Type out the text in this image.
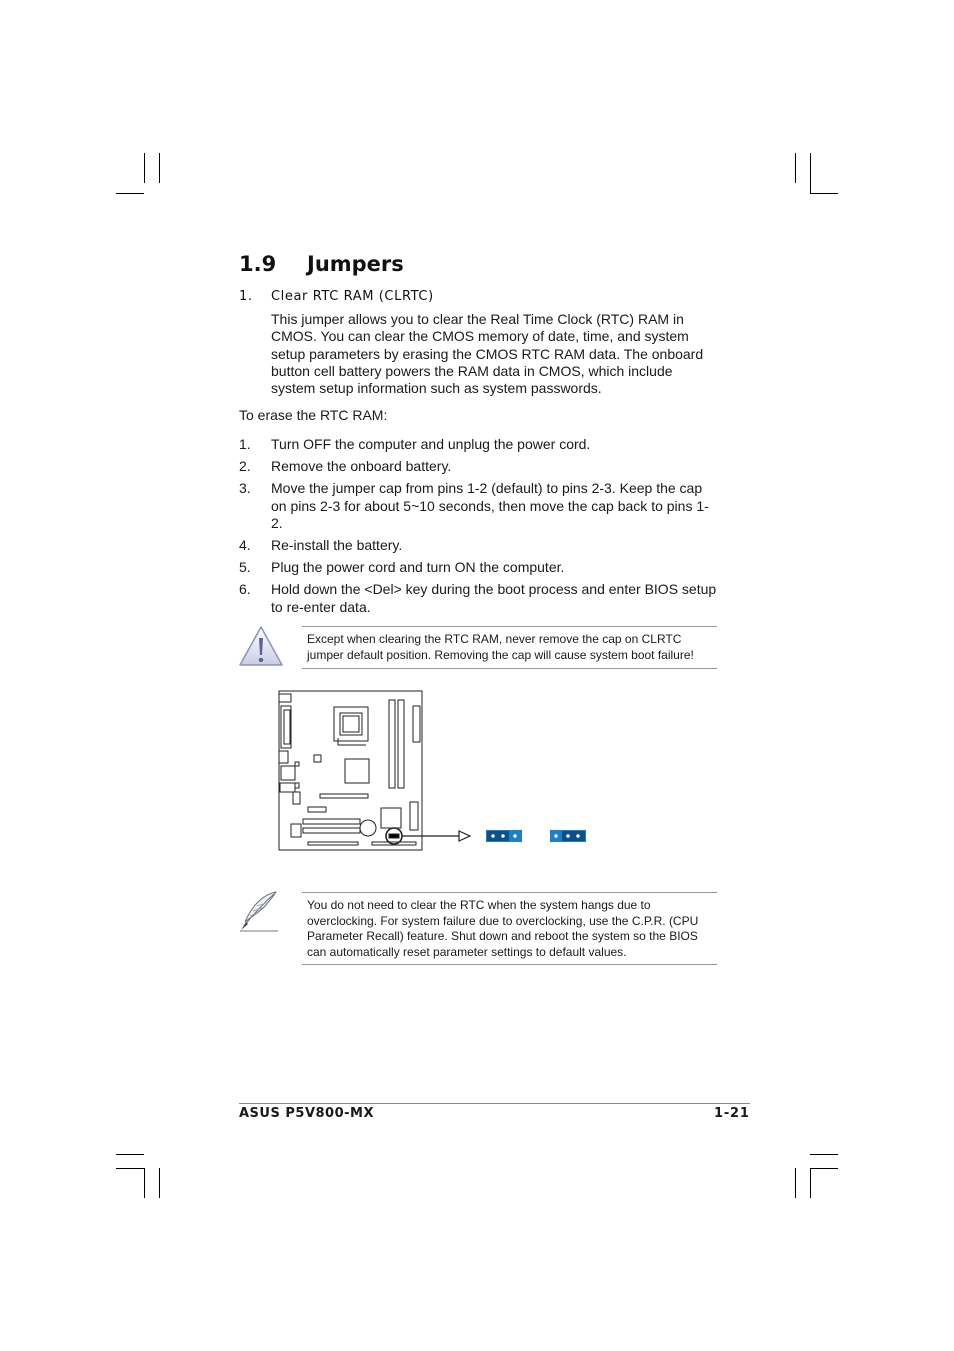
1.9 Jumpers
1. Clear RTC RAM (CLRTC)
This jumper allows you to clear the Real Time Clock (RTC) RAM in CMOS. You can clear the CMOS memory of date, time, and system setup parameters by erasing the CMOS RTC RAM data. The onboard button cell battery powers the RAM data in CMOS, which include system setup information such as system passwords.
To erase the RTC RAM:
1. Turn OFF the computer and unplug the power cord.
2. Remove the onboard battery.
3. Move the jumper cap from pins 1-2 (default) to pins 2-3. Keep the cap on pins 2-3 for about 5~10 seconds, then move the cap back to pins 1-2.
4. Re-install the battery.
5. Plug the power cord and turn ON the computer.
6. Hold down the <Del> key during the boot process and enter BIOS setup to re-enter data.
Except when clearing the RTC RAM, never remove the cap on CLRTC jumper default position. Removing the cap will cause system boot failure!
You do not need to clear the RTC when the system hangs due to overclocking. For system failure due to overclocking, use the C.P.R. (CPU Parameter Recall) feature. Shut down and reboot the system so the BIOS can automatically reset parameter settings to default values.
ASUS P5V800-MX	1-21
